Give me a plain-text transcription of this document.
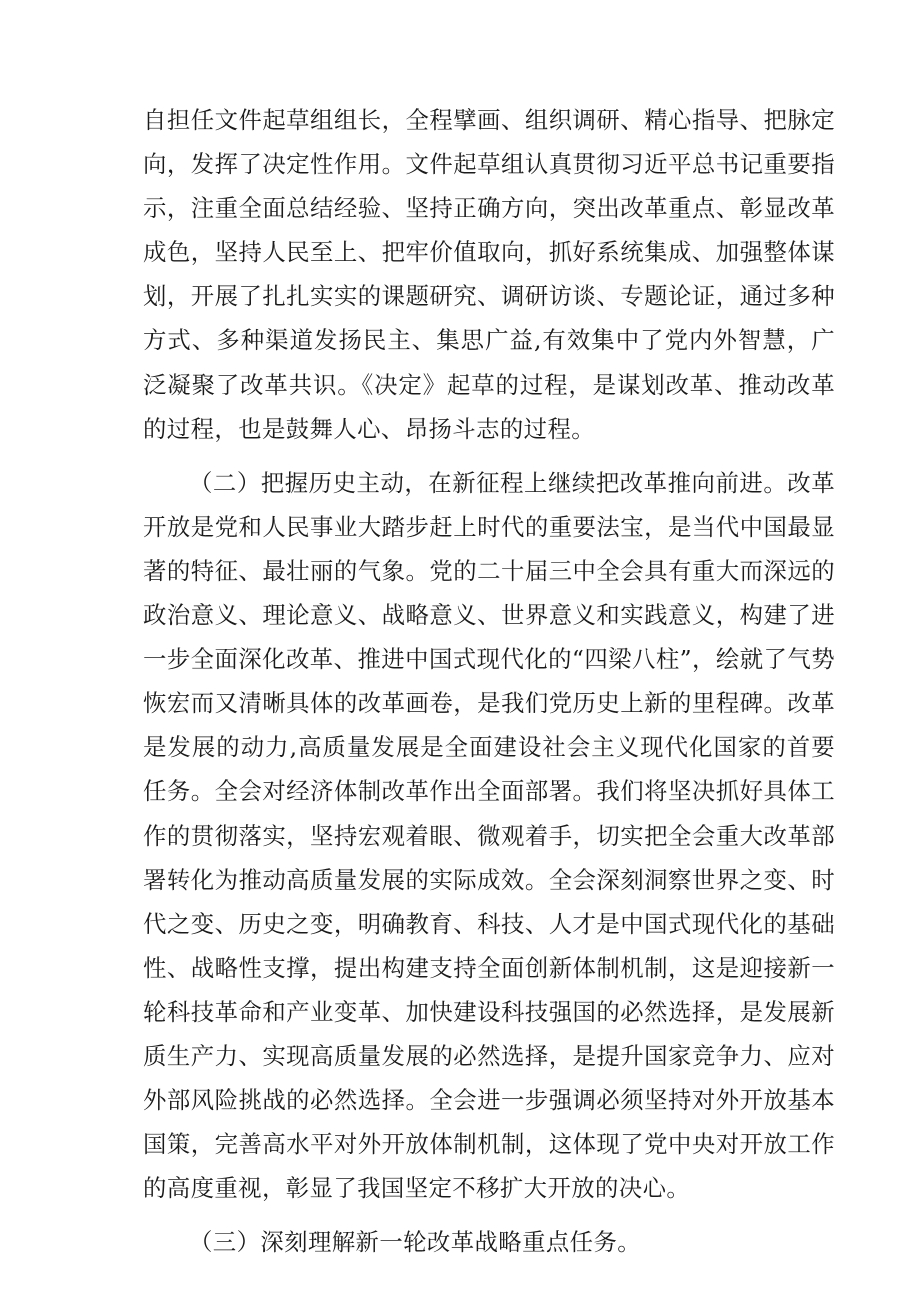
自担任文件起草组组长，全程擘画、组织调研、精心指导、把脉定向，发挥了决定性作用。文件起草组认真贯彻习近平总书记重要指示，注重全面总结经验、坚持正确方向，突出改革重点、彰显改革成色，坚持人民至上、把牢价值取向，抓好系统集成、加强整体谋划，开展了扎扎实实的课题研究、调研访谈、专题论证，通过多种方式、多种渠道发扬民主、集思广益,有效集中了党内外智慧，广泛凝聚了改革共识。《决定》起草的过程，是谋划改革、推动改革的过程，也是鼓舞人心、昂扬斗志的过程。

（二）把握历史主动，在新征程上继续把改革推向前进。改革开放是党和人民事业大踏步赶上时代的重要法宝，是当代中国最显著的特征、最壮丽的气象。党的二十届三中全会具有重大而深远的政治意义、理论意义、战略意义、世界意义和实践意义，构建了进一步全面深化改革、推进中国式现代化的“四梁八柱”，绘就了气势恢宏而又清晰具体的改革画卷，是我们党历史上新的里程碑。改革是发展的动力,高质量发展是全面建设社会主义现代化国家的首要任务。全会对经济体制改革作出全面部署。我们将坚决抓好具体工作的贯彻落实，坚持宏观着眼、微观着手，切实把全会重大改革部署转化为推动高质量发展的实际成效。全会深刻洞察世界之变、时代之变、历史之变，明确教育、科技、人才是中国式现代化的基础性、战略性支撑，提出构建支持全面创新体制机制，这是迎接新一轮科技革命和产业变革、加快建设科技强国的必然选择，是发展新质生产力、实现高质量发展的必然选择，是提升国家竞争力、应对外部风险挑战的必然选择。全会进一步强调必须坚持对外开放基本国策，完善高水平对外开放体制机制，这体现了党中央对开放工作的高度重视，彰显了我国坚定不移扩大开放的决心。

（三）深刻理解新一轮改革战略重点任务。
